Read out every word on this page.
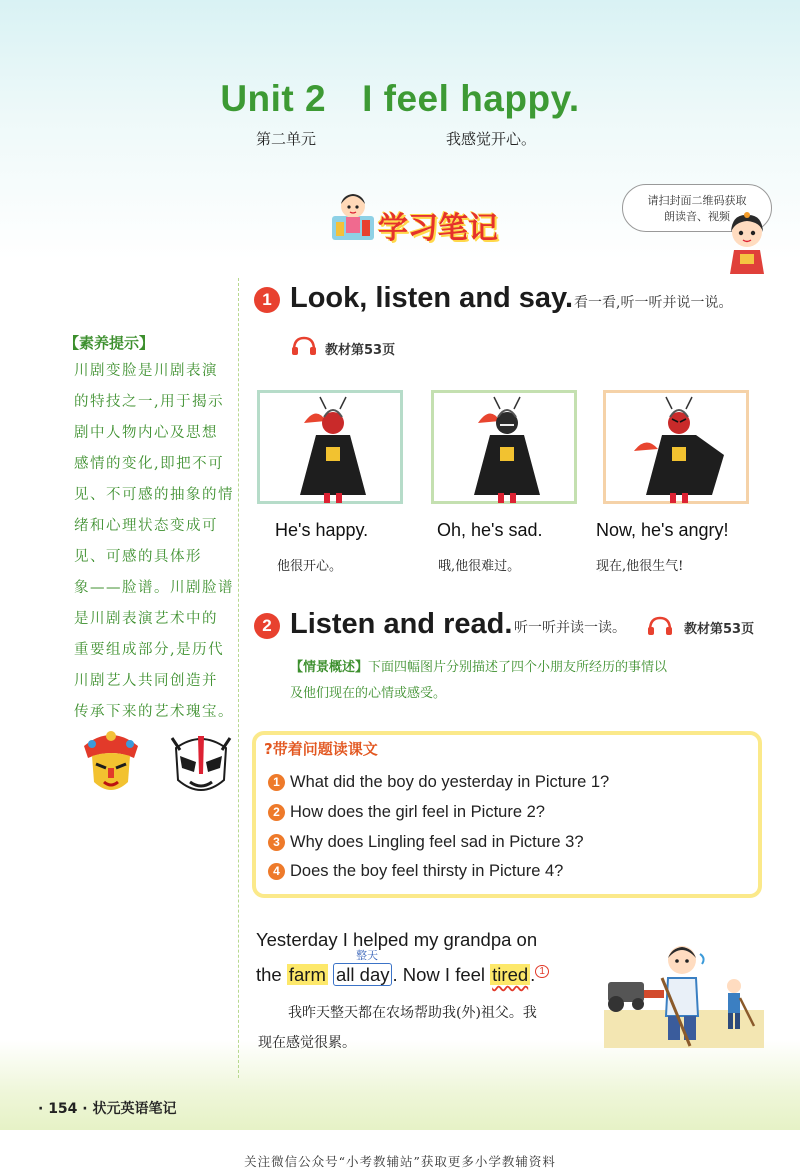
Unit 2 I feel happy.
第二单元	我感觉开心。
学习笔记
请扫封面二维码获取
朗读音、视频
1 Look, listen and say. 看一看,听一听并说一说。
教材第53页
He's happy.
他很开心。
Oh, he's sad.
哦,他很难过。
Now, he's angry!
现在,他很生气!
【素养提示】
川剧变脸是川剧表演
的特技之一,用于揭示
剧中人物内心及思想
感情的变化,即把不可
见、不可感的抽象的情
绪和心理状态变成可
见、可感的具体形
象——脸谱。川剧脸谱
是川剧表演艺术中的
重要组成部分,是历代
川剧艺人共同创造并
传承下来的艺术瑰宝。
2 Listen and read. 听一听并读一读。	教材第53页
【情景概述】下面四幅图片分别描述了四个小朋友所经历的事情以
及他们现在的心情或感受。
?带着问题读课文
1 What did the boy do yesterday in Picture 1?
2 How does the girl feel in Picture 2?
3 Why does Lingling feel sad in Picture 3?
4 Does the boy feel thirsty in Picture 4?
Yesterday I helped my grandpa on
整天
the farm all day . Now I feel tired . $^1$
我昨天整天都在农场帮助我(外)祖父。我
现在感觉很累。
· 154 · 状元英语笔记
关注微信公众号“小考教辅站”获取更多小学教辅资料
